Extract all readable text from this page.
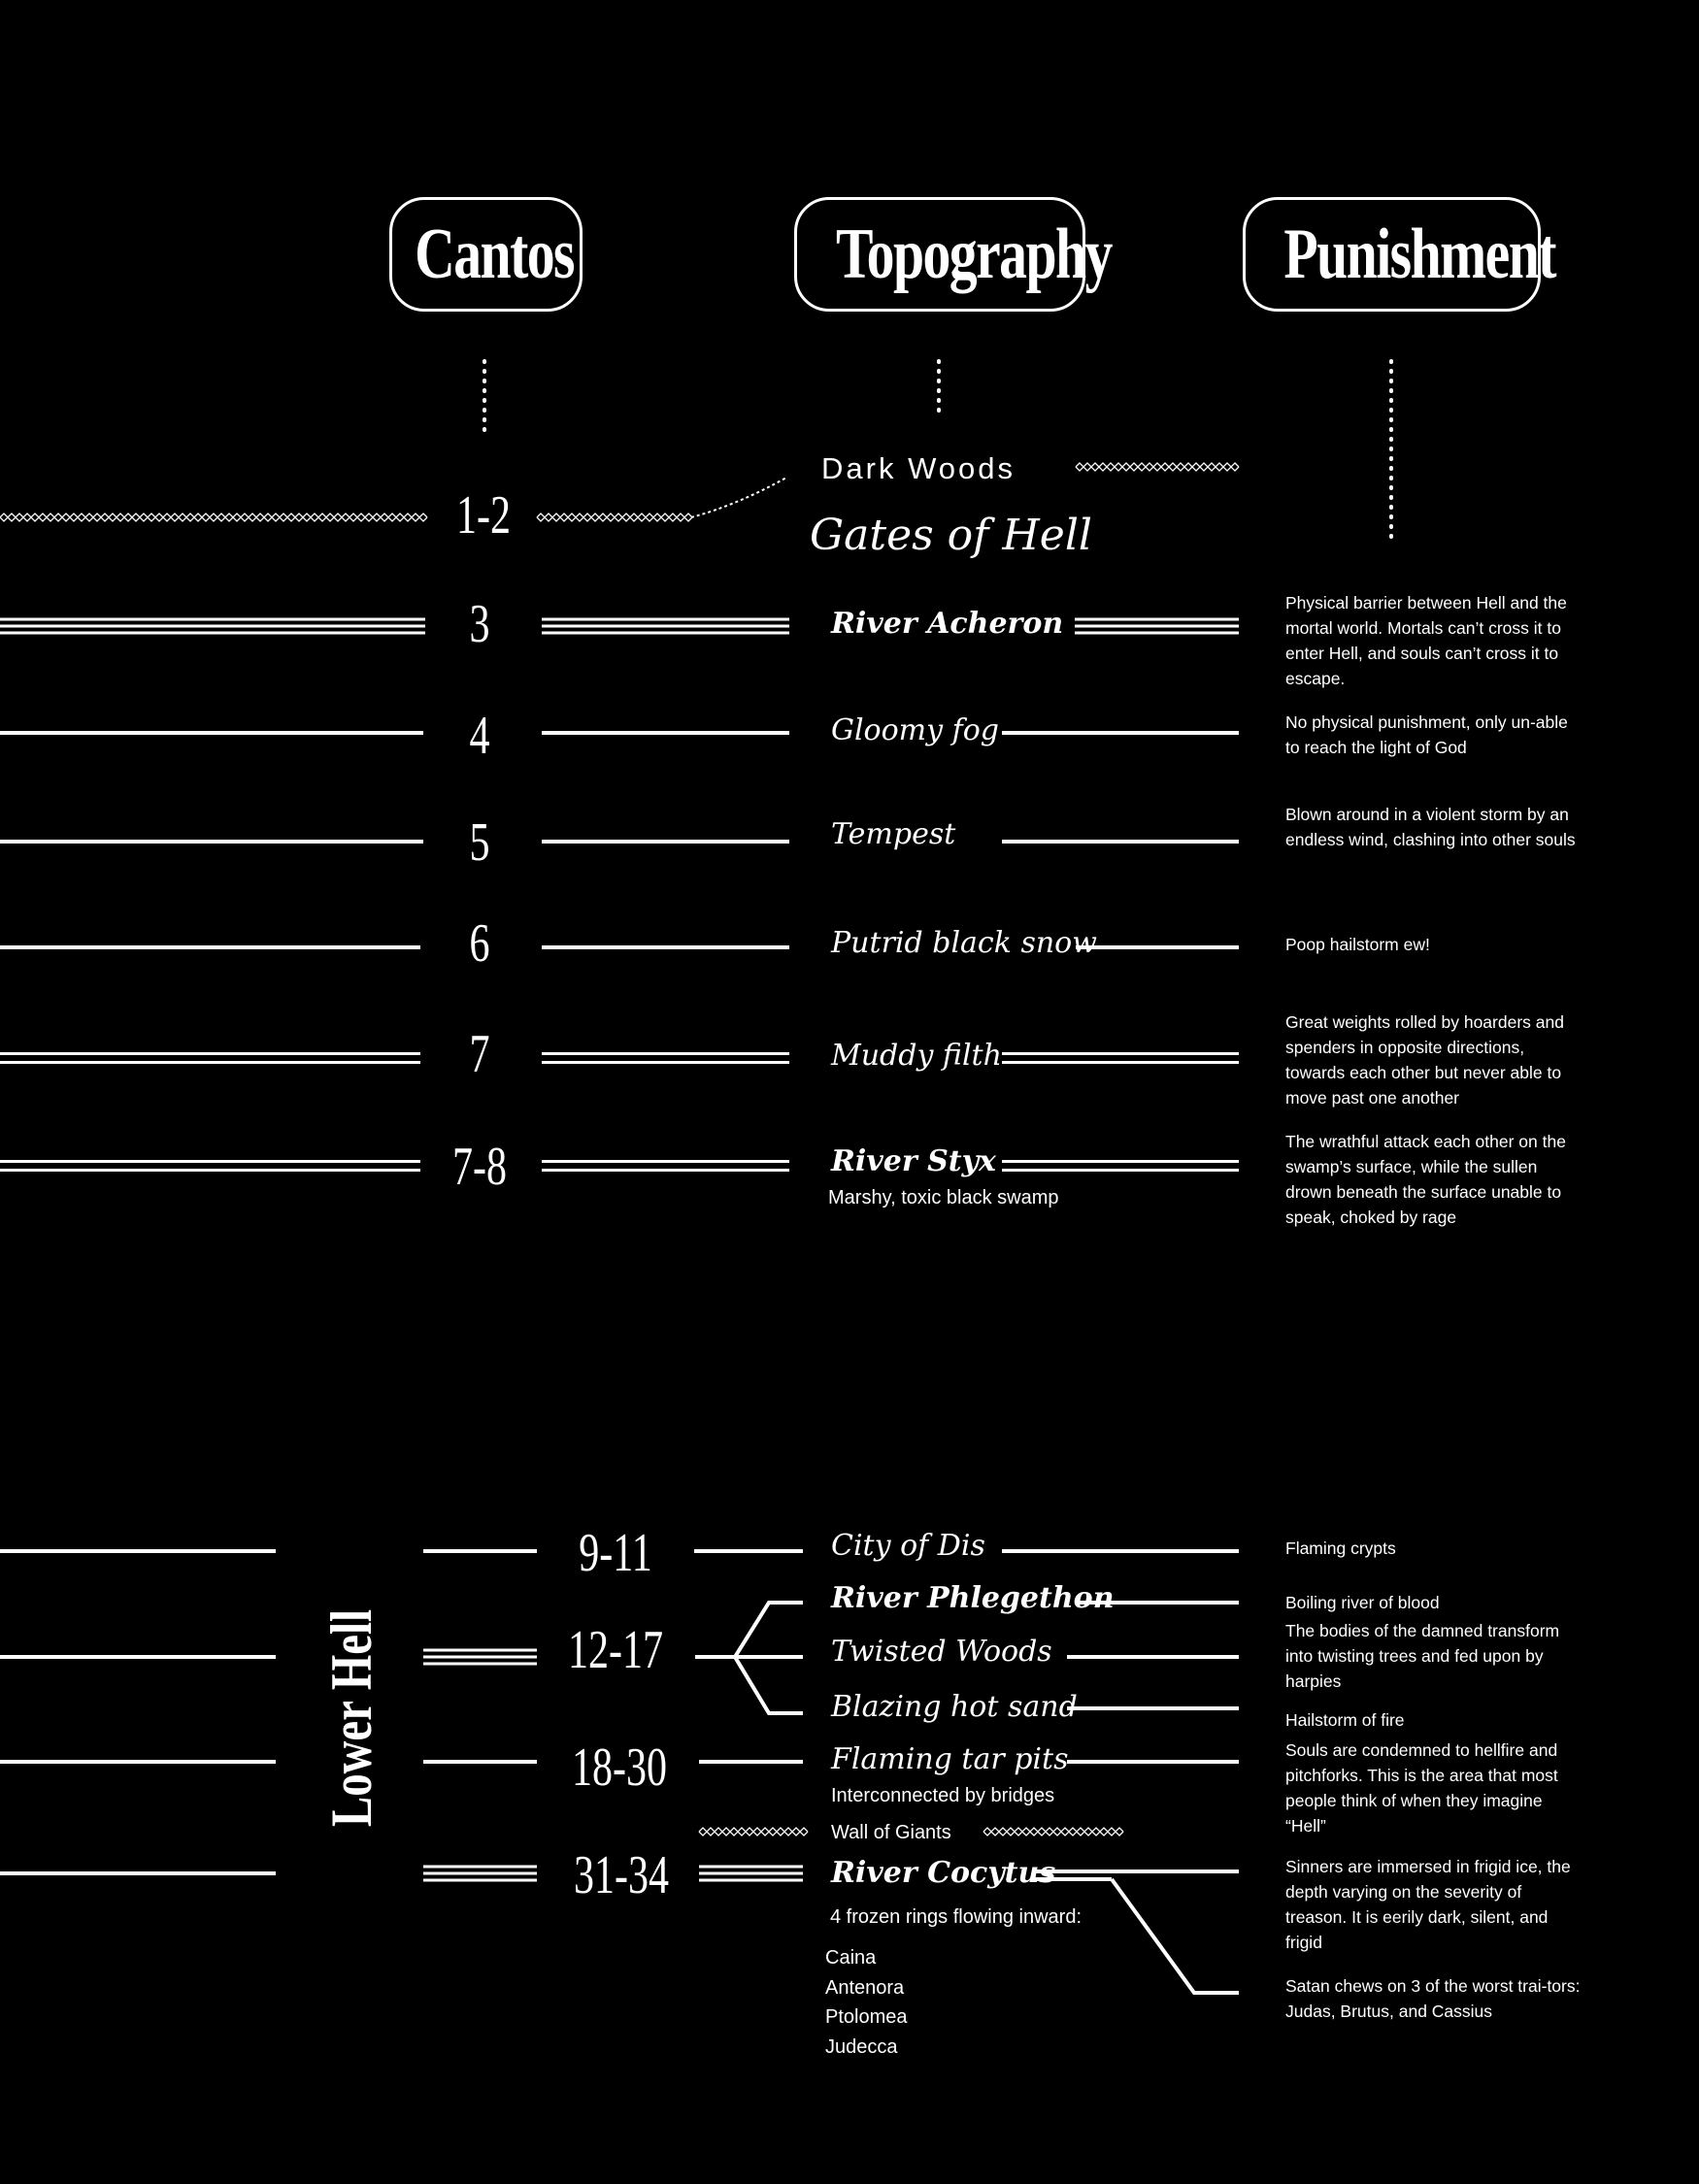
Cantos	Topography	Punishment
1-2
3
4
5
6
7
7-8
Dark Woods
Gates of Hell
River Acheron
Gloomy fog
Tempest
Putrid black snow
Muddy filth
River Styx
Marshy, toxic black swamp
Physical barrier between Hell and the mortal world. Mortals can’t cross it to enter Hell, and souls can’t cross it to escape.
No physical punishment, only un-able to reach the light of God
Blown around in a violent storm by an endless wind, clashing into other souls
Poop hailstorm ew!
Great weights rolled by hoarders and spenders in opposite directions, towards each other but never able to move past one another
The wrathful attack each other on the swamp’s surface, while the sullen drown beneath the surface unable to speak, choked by rage
Lower Hell
9-11
12-17
18-30
31-34
City of Dis
River Phlegethon
Twisted Woods
Blazing hot sand
Flaming tar pits
Interconnected by bridges
Wall of Giants
River Cocytus
4 frozen rings flowing inward:
Caina
Antenora
Ptolomea
Judecca
Flaming crypts
Boiling river of blood
The bodies of the damned transform into twisting trees and fed upon by harpies
Hailstorm of fire
Souls are condemned to hellfire and pitchforks. This is the area that most people think of when they imagine “Hell”
Sinners are immersed in frigid ice, the depth varying on the severity of treason. It is eerily dark, silent, and frigid
Satan chews on 3 of the worst trai-tors: Judas, Brutus, and Cassius
